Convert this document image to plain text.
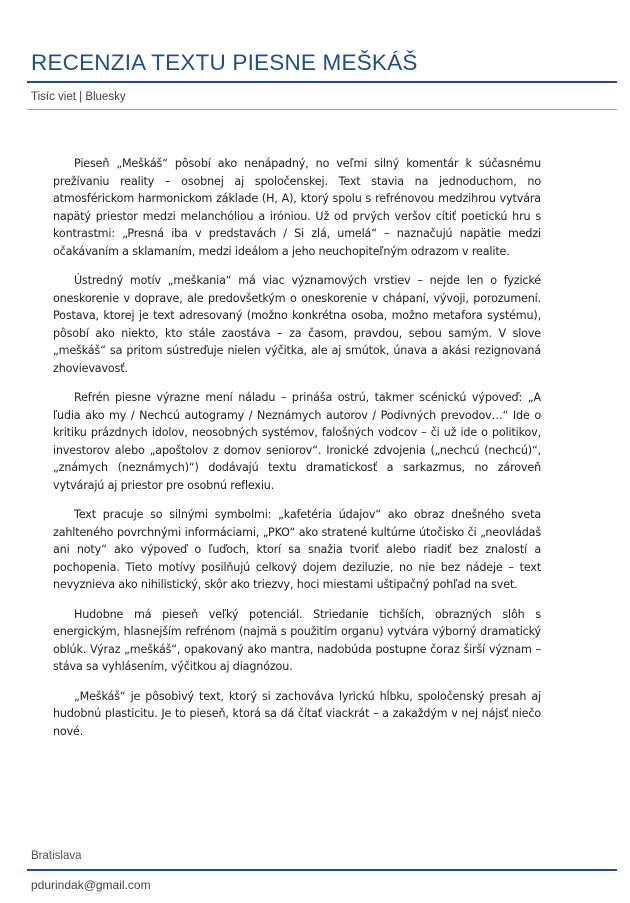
RECENZIA TEXTU PIESNE MEŠKÁŠ
Tisíc viet | Bluesky

Pieseň „Meškáš“ pôsobí ako nenápadný, no veľmi silný komentár k súčasnému prežívaniu reality – osobnej aj spoločenskej. Text stavia na jednoduchom, no atmosférickom harmonickom základe (H, A), ktorý spolu s refrénovou medzihrou vytvára napätý priestor medzi melanchóliou a iróniou. Už od prvých veršov cítiť poetickú hru s kontrastmi: „Presná iba v predstavách / Si zlá, umelá“ – naznačujú napätie medzi očakávaním a sklamaním, medzi ideálom a jeho neuchopiteľným odrazom v realite.

Ústredný motív „meškania“ má viac významových vrstiev – nejde len o fyzické oneskorenie v doprave, ale predovšetkým o oneskorenie v chápaní, vývoji, porozumení. Postava, ktorej je text adresovaný (možno konkrétna osoba, možno metafora systému), pôsobí ako niekto, kto stále zaostáva – za časom, pravdou, sebou samým. V slove „meškáš“ sa pritom sústreďuje nielen výčitka, ale aj smútok, únava a akási rezignovaná zhovievavosť.

Refrén piesne výrazne mení náladu – prináša ostrú, takmer scénickú výpoveď: „A ľudia ako my / Nechcú autogramy / Neznámych autorov / Podivných prevodov…“ Ide o kritiku prázdnych idolov, neosobných systémov, falošných vodcov – či už ide o politikov, investorov alebo „apoštolov z domov seniorov“. Ironické zdvojenia („nechcú (nechcú)“, „známych (neznámych)“) dodávajú textu dramatickosť a sarkazmus, no zároveň vytvárajú aj priestor pre osobnú reflexiu.

Text pracuje so silnými symbolmi: „kafetéria údajov“ ako obraz dnešného sveta zahlteného povrchnými informáciami, „PKO“ ako stratené kultúrne útočisko či „neovládaš ani noty“ ako výpoveď o ľuďoch, ktorí sa snažia tvoriť alebo riadiť bez znalostí a pochopenia. Tieto motívy posilňujú celkový dojem deziluzie, no nie bez nádeje – text nevyznieva ako nihilistický, skôr ako triezvy, hoci miestami uštipačný pohľad na svet.

Hudobne má pieseň veľký potenciál. Striedanie tichších, obrazných slôh s energickým, hlasnejším refrénom (najmä s použitím organu) vytvára výborný dramatický oblúk. Výraz „meškáš“, opakovaný ako mantra, nadobúda postupne čoraz širší význam – stáva sa vyhlásením, výčitkou aj diagnózou.

„Meškáš“ je pôsobivý text, ktorý si zachováva lyrickú hĺbku, spoločenský presah aj hudobnú plasticitu. Je to pieseň, ktorá sa dá čítať viackrát – a zakaždým v nej nájsť niečo nové.

Bratislava
pdurindak@gmail.com
